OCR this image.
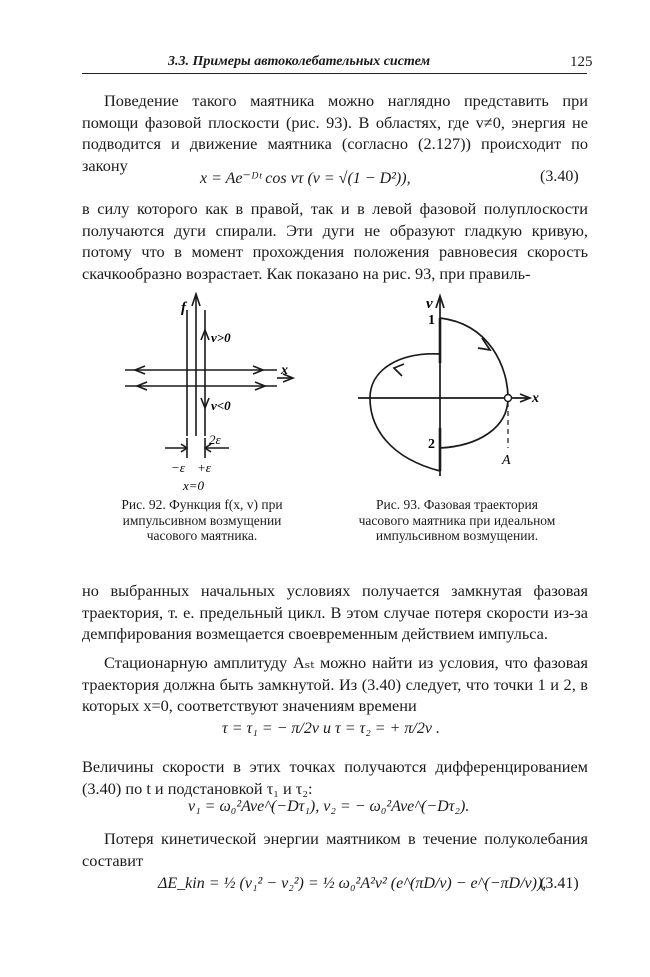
3.3. Примеры автоколебательных систем	125

Поведение такого маятника можно наглядно представить при помощи фазовой плоскости (рис. 93). В областях, где v≠0, энергия не подводится и движение маятника (согласно (2.127)) происходит по закону

x = Ae⁻ᴰᵗ cos vτ (v = √(1 − D²)),	(3.40)

в силу которого как в правой, так и в левой фазовой полуплоскости получаются дуги спирали. Эти дуги не образуют гладкую кривую, потому что в момент прохождения положения равновесия скорость скачкообразно возрастает. Как показано на рис. 93, при правиль-

f
v>0
v<0
x
2ε
−ε +ε
x=0
Рис. 92. Функция f(x, v) при импульсивном возмущении часового маятника.
v
x
1
2
A
Рис. 93. Фазовая траектория часового маятника при идеальном импульсивном возмущении.

но выбранных начальных условиях получается замкнутая фазовая траектория, т. е. предельный цикл. В этом случае потеря скорости из-за демпфирования возмещается своевременным действием импульса.

Стационарную амплитуду Aₛₜ можно найти из условия, что фазовая траектория должна быть замкнутой. Из (3.40) следует, что точки 1 и 2, в которых x=0, соответствуют значениям времени

τ = τ₁ = − π/2v и τ = τ₂ = + π/2v .

Величины скорости в этих точках получаются дифференцированием (3.40) по t и подстановкой τ₁ и τ₂:

v₁ = ω₀²Ave^(−Dτ₁), v₂ = − ω₀²Ave^(−Dτ₂).

Потеря кинетической энергии маятником в течение полуколебания составит

ΔE_kin = ½ (v₁² − v₂²) = ½ ω₀²A²v² (e^(πD/v) − e^(−πD/v)),
(3.41)
